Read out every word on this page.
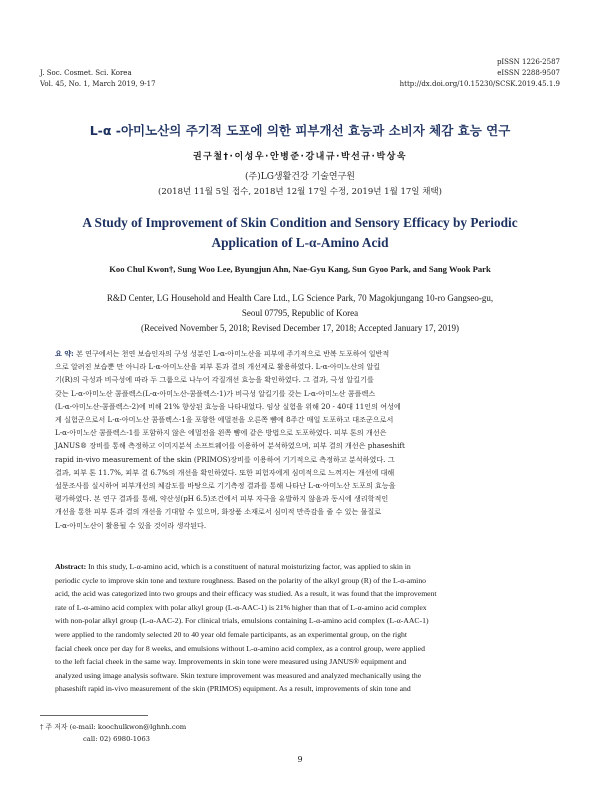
J. Soc. Cosmet. Sci. Korea
Vol. 45, No. 1, March 2019, 9-17
pISSN 1226-2587
eISSN 2288-9507
http://dx.doi.org/10.15230/SCSK.2019.45.1.9
L-α -아미노산의 주기적 도포에 의한 피부개선 효능과 소비자 체감 효능 연구
권구철†·이성우·안병준·강내규·박선규·박상욱
(주)LG생활건강 기술연구원
(2018년 11월 5일 접수, 2018년 12월 17일 수정, 2019년 1월 17일 채택)
A Study of Improvement of Skin Condition and Sensory Efficacy by Periodic Application of L-α-Amino Acid
Koo Chul Kwon†, Sung Woo Lee, Byungjun Ahn, Nae-Gyu Kang, Sun Gyoo Park, and Sang Wook Park
R&D Center, LG Household and Health Care Ltd., LG Science Park, 70 Magokjungang 10-ro Gangseo-gu,
Seoul 07795, Republic of Korea
(Received November 5, 2018; Revised December 17, 2018; Accepted January 17, 2019)
요 약: 본 연구에서는 천연 보습인자의 구성 성분인 L-α-아미노산을 피부에 주기적으로 반복 도포하여 일반적
으로 알려진 보습뿐 만 아니라 L-α-아미노산을 피부 톤과 결의 개선제로 활용하였다. L-α-아미노산의 알킬
기(R)의 극성과 비극성에 따라 두 그룹으로 나누어 각질개선 효능을 확인하였다. 그 결과, 극성 알킬기를
갖는 L-α-아미노산 콤플렉스(L-α-아미노산-콤플렉스-1)가 비극성 알킬기를 갖는 L-α-아미노산 콤플렉스
(L-α-아미노산-콤플렉스-2)에 비해 21% 향상된 효능을 나타내었다. 임상 실험을 위해 20 - 40대 11인의 여성에
게 실험군으로서 L-α-아미노산 콤플렉스-1을 포함한 에멀전을 오른쪽 뺨에 8주간 매일 도포하고 대조군으로서
L-α-아미노산 콤플렉스-1를 포함하지 않은 에멀전을 왼쪽 뺨에 같은 방법으로 도포하였다. 피부 톤의 개선은
JANUS® 장비를 통해 측정하고 이미지분석 소프트웨어를 이용하여 분석하였으며, 피부 결의 개선은 phaseshift
rapid in-vivo measurement of the skin (PRIMOS)장비를 이용하여 기기적으로 측정하고 분석하였다. 그
결과, 피부 톤 11.7%, 피부 결 6.7%의 개선을 확인하였다. 또한 피험자에게 심미적으로 느껴지는 개선에 대해
설문조사를 실시하여 피부개선의 체감도를 바탕으로 기기측정 결과를 통해 나타난 L-α-아미노산 도포의 효능을
평가하였다. 본 연구 결과를 통해, 약산성(pH 6.5)조건에서 피부 자극을 유발하지 않음과 동시에 생리학적인
개선을 통한 피부 톤과 결의 개선을 기대할 수 있으며, 화장품 소재로서 심미적 만족감을 줄 수 있는 물질로
L-α-아미노산이 활용될 수 있을 것이라 생각된다.
Abstract: In this study, L-α-amino acid, which is a constituent of natural moisturizing factor, was applied to skin in
periodic cycle to improve skin tone and texture roughness. Based on the polarity of the alkyl group (R) of the L-α-amino
acid, the acid was categorized into two groups and their efficacy was studied. As a result, it was found that the improvement
rate of L-α-amino acid complex with polar alkyl group (L-α-AAC-1) is 21% higher than that of L-α-amino acid complex
with non-polar alkyl group (L-α-AAC-2). For clinical trials, emulsions containing L-α-amino acid complex (L-α-AAC-1)
were applied to the randomly selected 20 to 40 year old female participants, as an experimental group, on the right
facial cheek once per day for 8 weeks, and emulsions without L-α-amino acid complex, as a control group, were applied
to the left facial cheek in the same way. Improvements in skin tone were measured using JANUS® equipment and
analyzed using image analysis software. Skin texture improvement was measured and analyzed mechanically using the
phaseshift rapid in-vivo measurement of the skin (PRIMOS) equipment. As a result, improvements of skin tone and
† 주 저자 (e-mail: koochulkwon@lghnh.com
call: 02) 6980-1063
9
